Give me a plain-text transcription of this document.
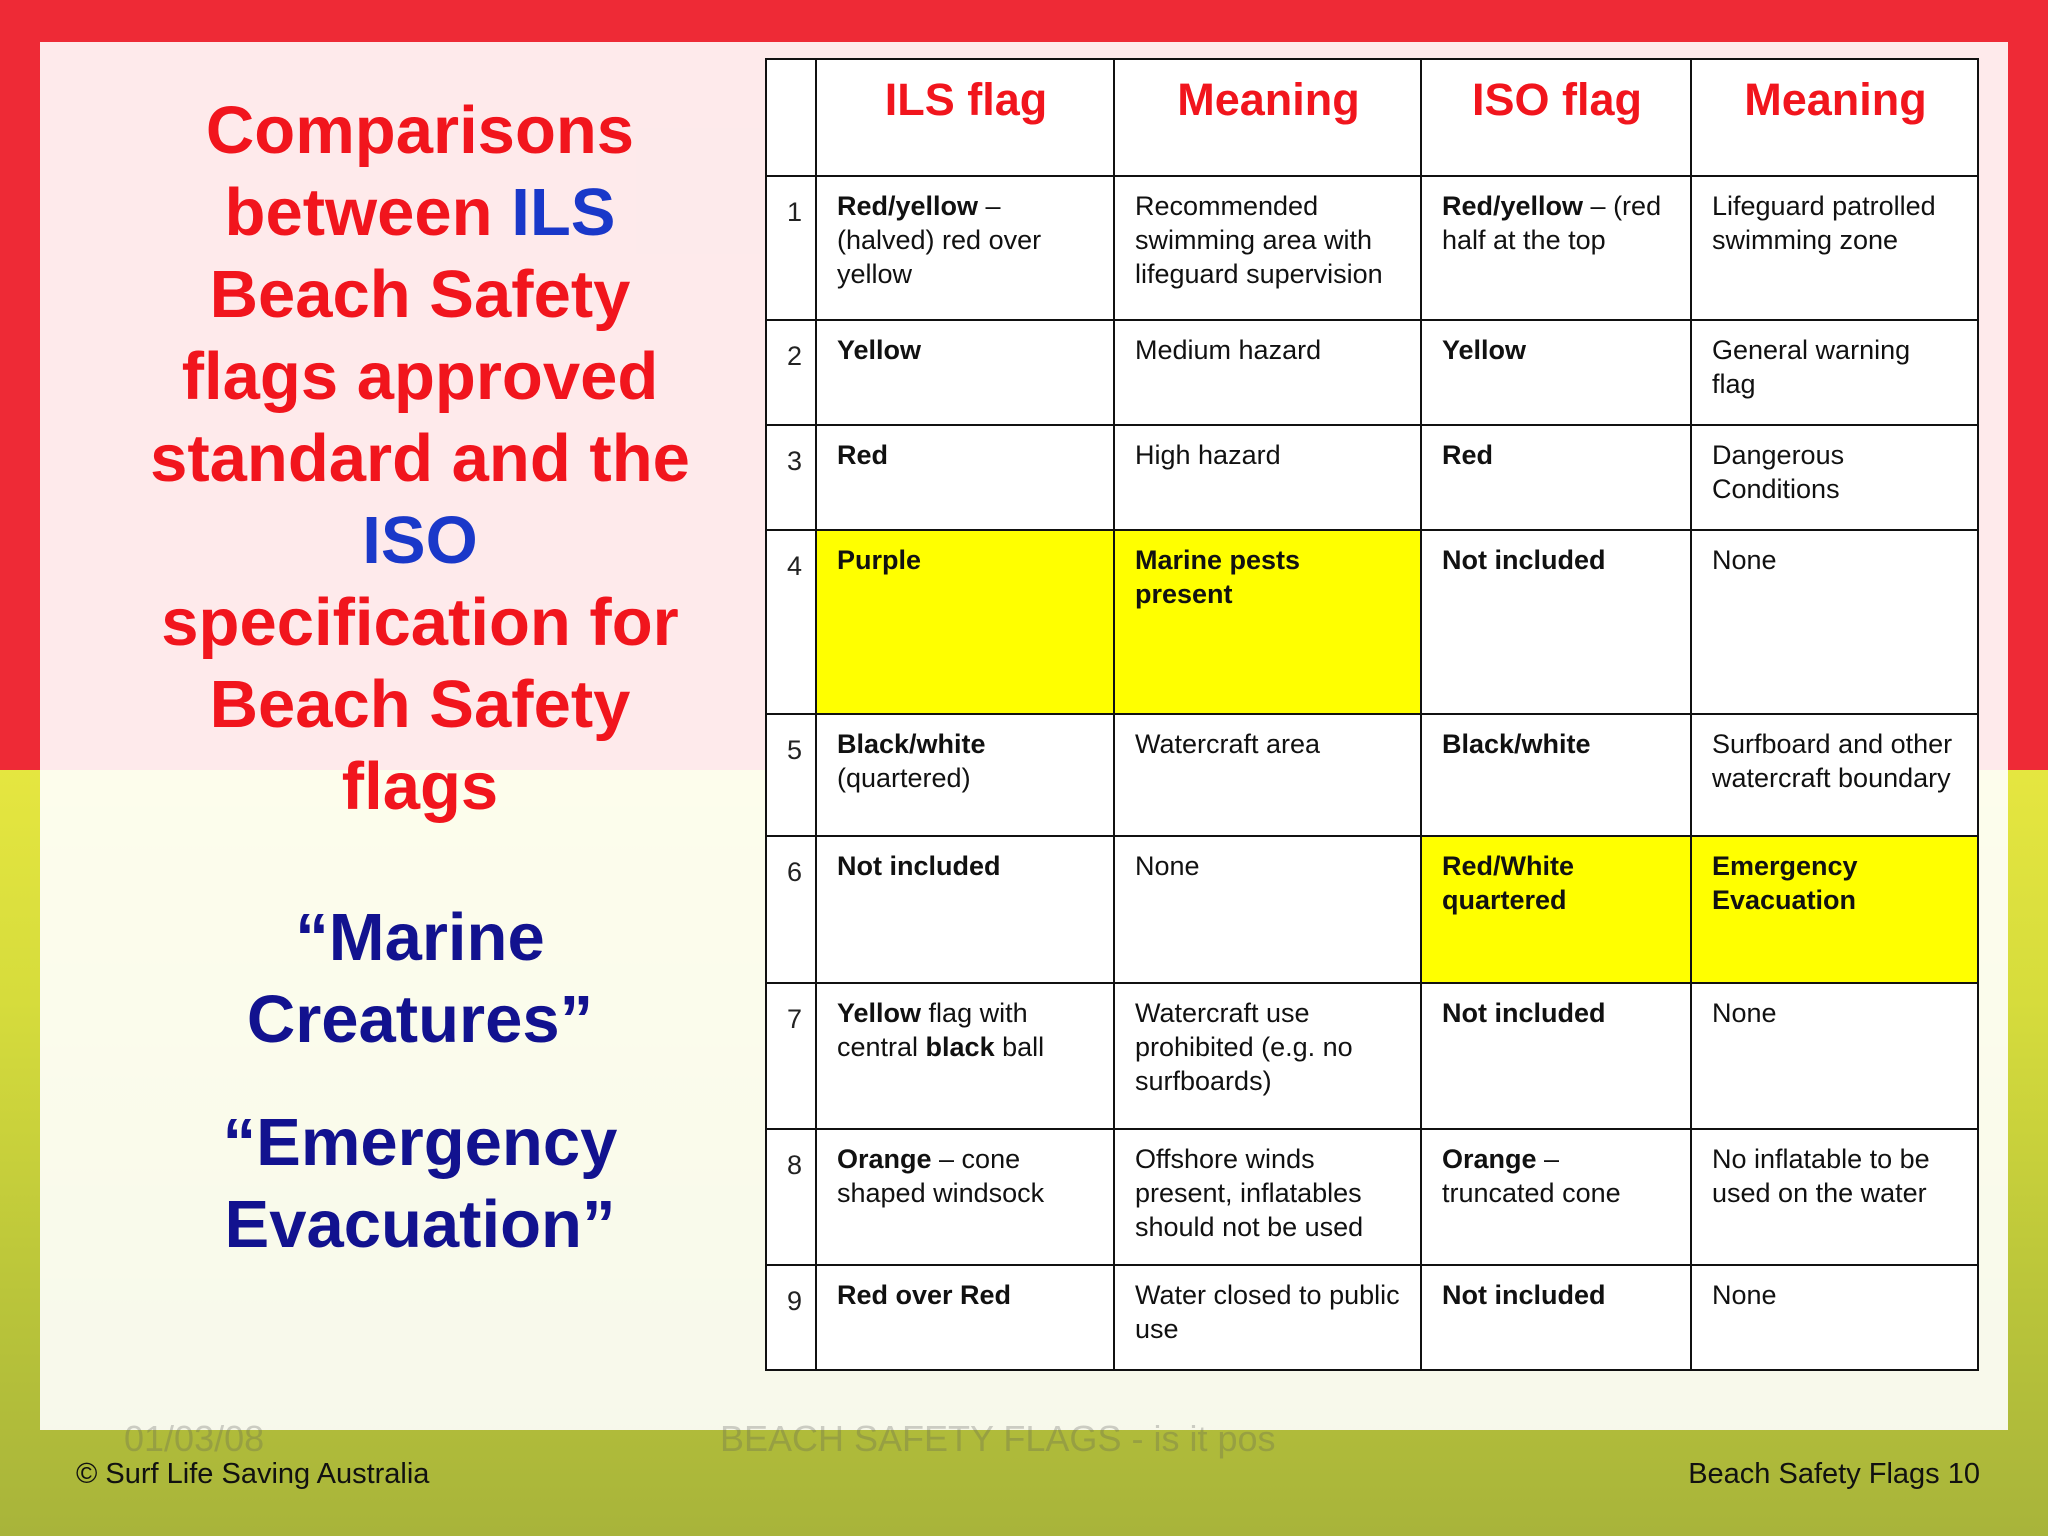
01/03/08	BEACH SAFETY FLAGS - is it pos
Comparisons between ILS Beach Safety flags approved standard and the ISO specification for Beach Safety flags
“Marine Creatures”
“Emergency Evacuation”
	ILS flag	Meaning	ISO flag	Meaning
1	Red/yellow – (halved) red over yellow	Recommended swimming area with lifeguard supervision	Red/yellow – (red half at the top	Lifeguard patrolled swimming zone
2	Yellow	Medium hazard	Yellow	General warning flag
3	Red	High hazard	Red	Dangerous Conditions
4	Purple	Marine pests present	Not included	None
5	Black/white (quartered)	Watercraft area	Black/white	Surfboard and other watercraft boundary
6	Not included	None	Red/White quartered	Emergency Evacuation
7	Yellow flag with central black ball	Watercraft use prohibited (e.g. no surfboards)	Not included	None
8	Orange – cone shaped windsock	Offshore winds present, inflatables should not be used	Orange – truncated cone	No inflatable to be used on the water
9	Red over Red	Water closed to public use	Not included	None
© Surf Life Saving Australia	Beach Safety Flags 10
